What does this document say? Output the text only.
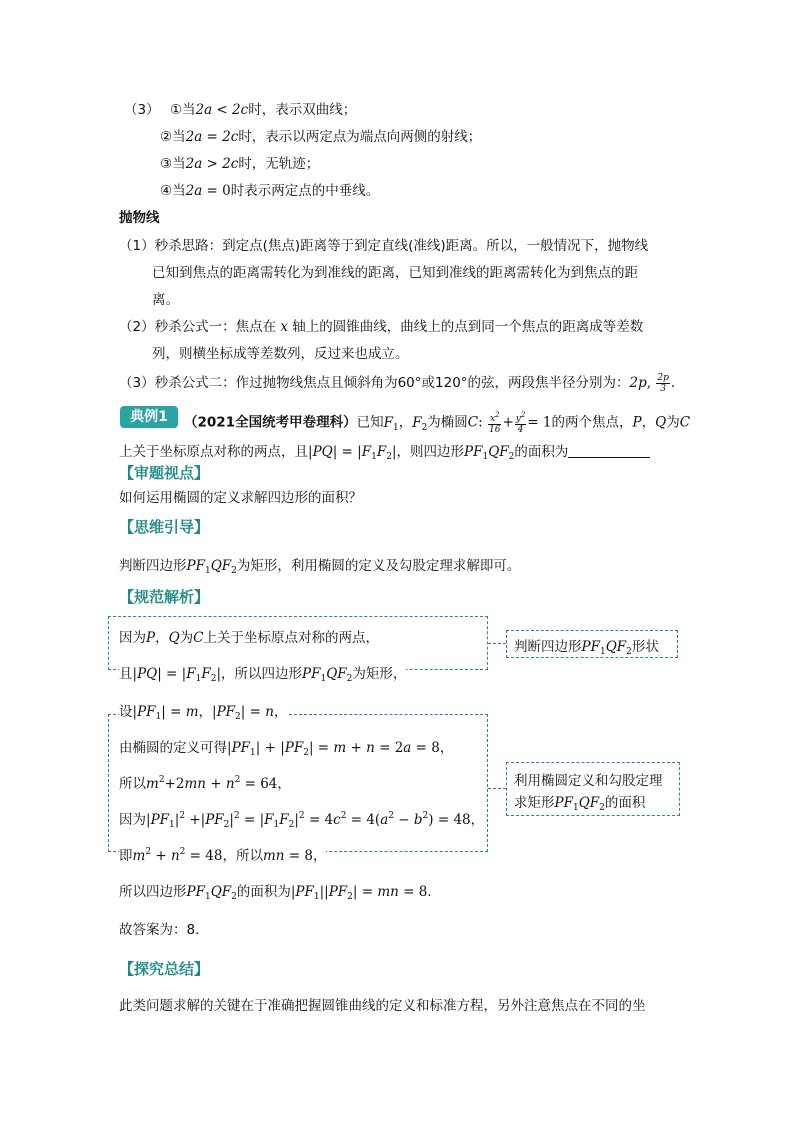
（3） ①当2a < 2c时，表示双曲线；
②当2a = 2c时，表示以两定点为端点向两侧的射线；
③当2a > 2c时，无轨迹；
④当2a = 0时表示两定点的中垂线。
抛物线
（1）秒杀思路：到定点(焦点)距离等于到定直线(准线)距离。所以，一般情况下，抛物线
已知到焦点的距离需转化为到准线的距离，已知到准线的距离需转化为到焦点的距
离。
（2）秒杀公式一：焦点在 x 轴上的圆锥曲线，曲线上的点到同一个焦点的距离成等差数
列，则横坐标成等差数列，反过来也成立。
（3）秒杀公式二：作过抛物线焦点且倾斜角为60°或120°的弦，两段焦半径分别为：2p, $\frac{2p}{3}$ .
典例1	（2021全国统考甲卷理科）已知$F_1$，$F_2$为椭圆C: $\frac{x^2}{16} + \frac{y^2}{4} = 1$的两个焦点，P，Q为C
上关于坐标原点对称的两点，且$|PQ| = |F_1F_2|$，则四边形$PF_1QF_2$的面积为
【审题视点】
如何运用椭圆的定义求解四边形的面积？
【思维引导】
判断四边形$PF_1QF_2$为矩形，利用椭圆的定义及勾股定理求解即可。
【规范解析】
因为P，Q为C上关于坐标原点对称的两点，
且$|PQ| = |F_1F_2|$，所以四边形$PF_1QF_2$为矩形，
设$|PF_1| = m$，$|PF_2| = n$，
由椭圆的定义可得$|PF_1| + |PF_2| = m + n = 2a = 8$，
所以$m^2+2mn + n^2 = 64$，
因为$|PF_1|^2 +|PF_2|^2 = |F_1F_2|^2 = 4c^2 = 4(a^2 - b^2) = 48$，
即$m^2 + n^2 = 48$，所以mn = 8，
所以四边形$PF_1QF_2$的面积为$|PF_1||PF_2|$ = mn = 8．
故答案为：8．
判断四边形$PF_1QF_2$形状
利用椭圆定义和勾股定理
求矩形$PF_1QF_2$的面积
【探究总结】
此类问题求解的关键在于准确把握圆锥曲线的定义和标准方程，另外注意焦点在不同的坐
